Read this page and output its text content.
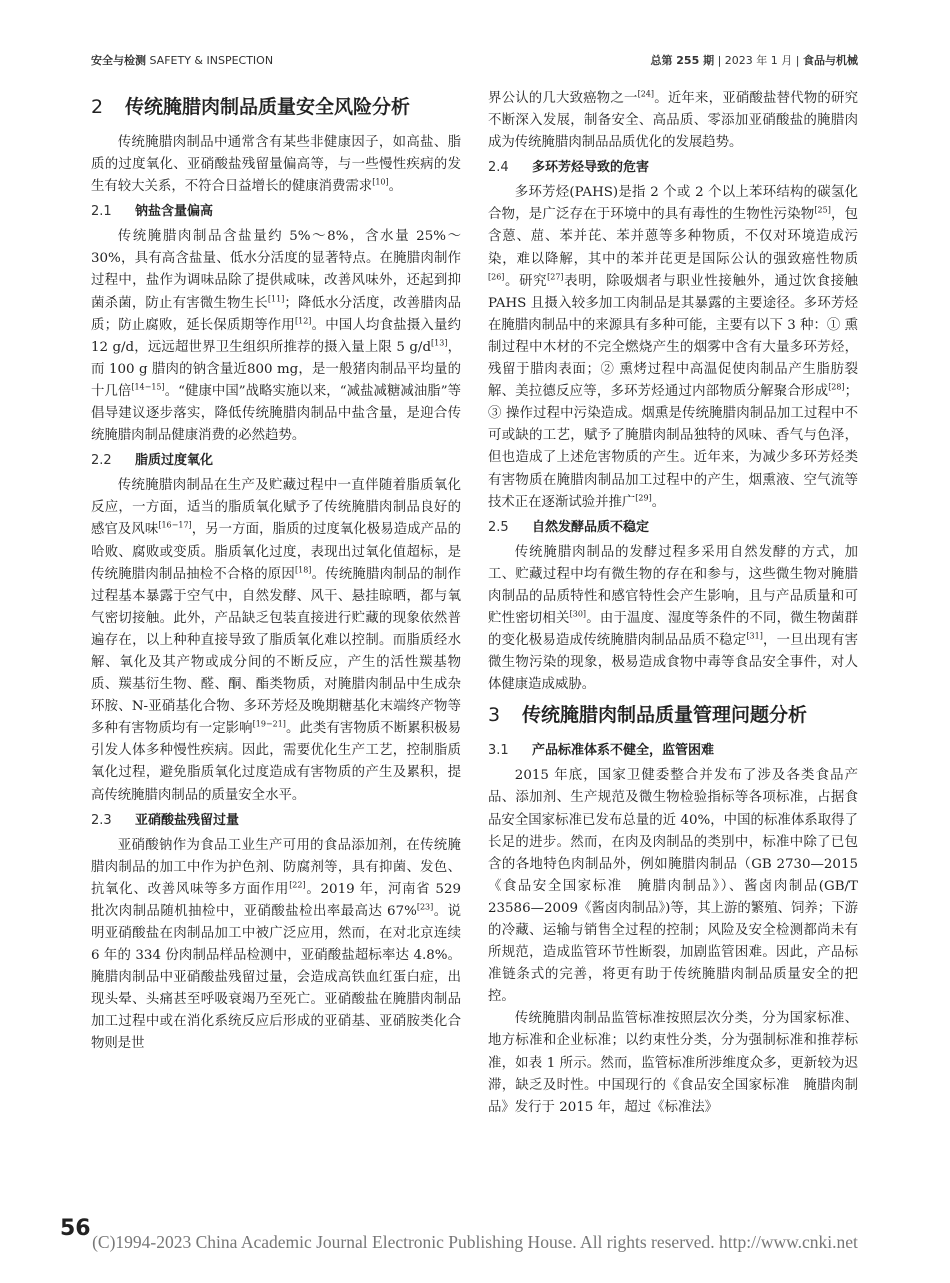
安全与检测 SAFETY & INSPECTION	总第 255 期 | 2023 年 1 月 | 食品与机械
2 传统腌腊肉制品质量安全风险分析

传统腌腊肉制品中通常含有某些非健康因子，如高盐、脂质的过度氧化、亚硝酸盐残留量偏高等，与一些慢性疾病的发生有较大关系，不符合日益增长的健康消费需求[10]。

2.1 钠盐含量偏高

传统腌腊肉制品含盐量约 5%～8%，含水量 25%～30%，具有高含盐量、低水分活度的显著特点。在腌腊肉制作过程中，盐作为调味品除了提供咸味，改善风味外，还起到抑菌杀菌，防止有害微生物生长[11]；降低水分活度，改善腊肉品质；防止腐败，延长保质期等作用[12]。中国人均食盐摄入量约 12 g/d，远远超世界卫生组织所推荐的摄入量上限 5 g/d[13]，而 100 g 腊肉的钠含量近800 mg，是一般猪肉制品平均量的十几倍[14−15]。“健康中国”战略实施以来，“减盐减糖减油脂”等倡导建议逐步落实，降低传统腌腊肉制品中盐含量，是迎合传统腌腊肉制品健康消费的必然趋势。

2.2 脂质过度氧化

传统腌腊肉制品在生产及贮藏过程中一直伴随着脂质氧化反应，一方面，适当的脂质氧化赋予了传统腌腊肉制品良好的感官及风味[16−17]，另一方面，脂质的过度氧化极易造成产品的哈败、腐败或变质。脂质氧化过度，表现出过氧化值超标，是传统腌腊肉制品抽检不合格的原因[18]。传统腌腊肉制品的制作过程基本暴露于空气中，自然发酵、风干、悬挂晾晒，都与氧气密切接触。此外，产品缺乏包装直接进行贮藏的现象依然普遍存在，以上种种直接导致了脂质氧化难以控制。而脂质经水解、氧化及其产物或成分间的不断反应，产生的活性羰基物质、羰基衍生物、醛、酮、酯类物质，对腌腊肉制品中生成杂环胺、N-亚硝基化合物、多环芳烃及晚期糖基化末端终产物等多种有害物质均有一定影响[19−21]。此类有害物质不断累积极易引发人体多种慢性疾病。因此，需要优化生产工艺，控制脂质氧化过程，避免脂质氧化过度造成有害物质的产生及累积，提高传统腌腊肉制品的质量安全水平。

2.3 亚硝酸盐残留过量

亚硝酸钠作为食品工业生产可用的食品添加剂，在传统腌腊肉制品的加工中作为护色剂、防腐剂等，具有抑菌、发色、抗氧化、改善风味等多方面作用[22]。2019 年，河南省 529 批次肉制品随机抽检中，亚硝酸盐检出率最高达 67%[23]。说明亚硝酸盐在肉制品加工中被广泛应用，然而，在对北京连续 6 年的 334 份肉制品样品检测中，亚硝酸盐超标率达 4.8%。腌腊肉制品中亚硝酸盐残留过量，会造成高铁血红蛋白症，出现头晕、头痛甚至呼吸衰竭乃至死亡。亚硝酸盐在腌腊肉制品加工过程中或在消化系统反应后形成的亚硝基、亚硝胺类化合物则是世

界公认的几大致癌物之一[24]。近年来，亚硝酸盐替代物的研究不断深入发展，制备安全、高品质、零添加亚硝酸盐的腌腊肉成为传统腌腊肉制品品质优化的发展趋势。

2.4 多环芳烃导致的危害

多环芳烃(PAHS)是指 2 个或 2 个以上苯环结构的碳氢化合物，是广泛存在于环境中的具有毒性的生物性污染物[25]，包含蒽、䓛、苯并芘、苯并蒽等多种物质，不仅对环境造成污染，难以降解，其中的苯并芘更是国际公认的强致癌性物质[26]。研究[27]表明，除吸烟者与职业性接触外，通过饮食接触 PAHS 且摄入较多加工肉制品是其暴露的主要途径。多环芳烃在腌腊肉制品中的来源具有多种可能，主要有以下 3 种：① 熏制过程中木材的不完全燃烧产生的烟雾中含有大量多环芳烃，残留于腊肉表面；② 熏烤过程中高温促使肉制品产生脂肪裂解、美拉德反应等，多环芳烃通过内部物质分解聚合形成[28]；③ 操作过程中污染造成。烟熏是传统腌腊肉制品加工过程中不可或缺的工艺，赋予了腌腊肉制品独特的风味、香气与色泽，但也造成了上述危害物质的产生。近年来，为减少多环芳烃类有害物质在腌腊肉制品加工过程中的产生，烟熏液、空气流等技术正在逐渐试验并推广[29]。

2.5 自然发酵品质不稳定

传统腌腊肉制品的发酵过程多采用自然发酵的方式，加工、贮藏过程中均有微生物的存在和参与，这些微生物对腌腊肉制品的品质特性和感官特性会产生影响，且与产品质量和可贮性密切相关[30]。由于温度、湿度等条件的不同，微生物菌群的变化极易造成传统腌腊肉制品品质不稳定[31]，一旦出现有害微生物污染的现象，极易造成食物中毒等食品安全事件，对人体健康造成威胁。

3 传统腌腊肉制品质量管理问题分析
3.1 产品标准体系不健全，监管困难

2015 年底，国家卫健委整合并发布了涉及各类食品产品、添加剂、生产规范及微生物检验指标等各项标准，占据食品安全国家标准已发布总量的近 40%，中国的标准体系取得了长足的进步。然而，在肉及肉制品的类别中，标准中除了已包含的各地特色肉制品外，例如腌腊肉制品（GB 2730—2015《食品安全国家标准　腌腊肉制品》）、酱卤肉制品(GB/T 23586—2009《酱卤肉制品》)等，其上游的繁殖、饲养；下游的冷藏、运输与销售全过程的控制；风险及安全检测都尚未有所规范，造成监管环节性断裂，加剧监管困难。因此，产品标准链条式的完善，将更有助于传统腌腊肉制品质量安全的把控。

传统腌腊肉制品监管标准按照层次分类，分为国家标准、地方标准和企业标准；以约束性分类，分为强制标准和推荐标准，如表 1 所示。然而，监管标准所涉维度众多，更新较为迟滞，缺乏及时性。中国现行的《食品安全国家标准　腌腊肉制品》发行于 2015 年，超过《标准法》

56
(C)1994-2023 China Academic Journal Electronic Publishing House. All rights reserved. http://www.cnki.net
